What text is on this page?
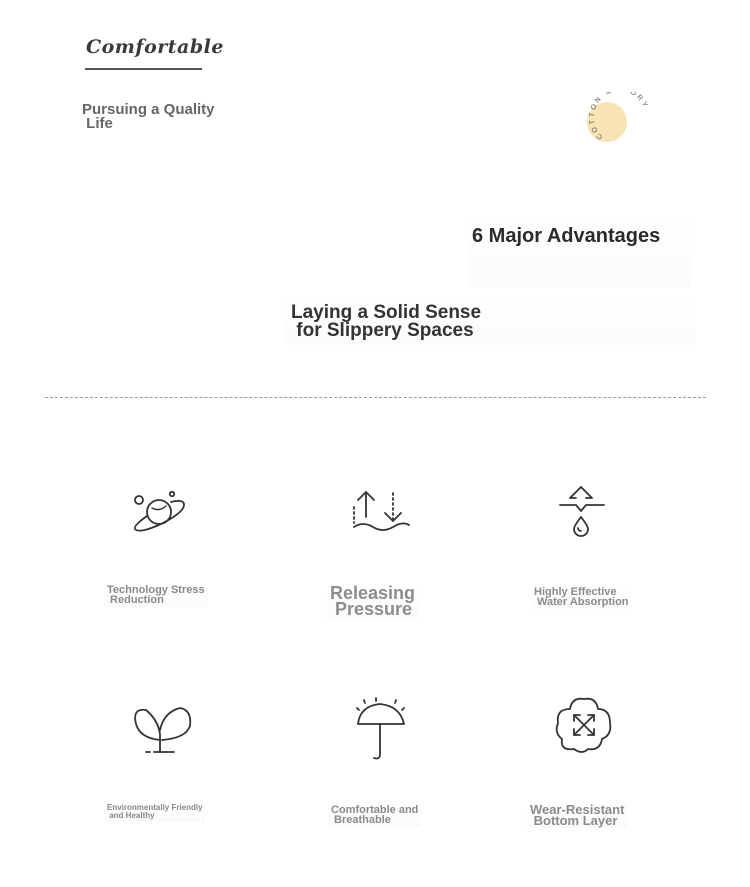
Comfortable
Pursuing a Quality
Life
COTTON ORY
6 Major Advantages
Laying a Solid Sense
for Slippery Spaces
Technology Stress
Reduction	Releasing
Pressure
Highly Effective
Water Absorption
Environmentally Friendly
and Healthy	Comfortable and
Breathable
Wear-Resistant
Bottom Layer
